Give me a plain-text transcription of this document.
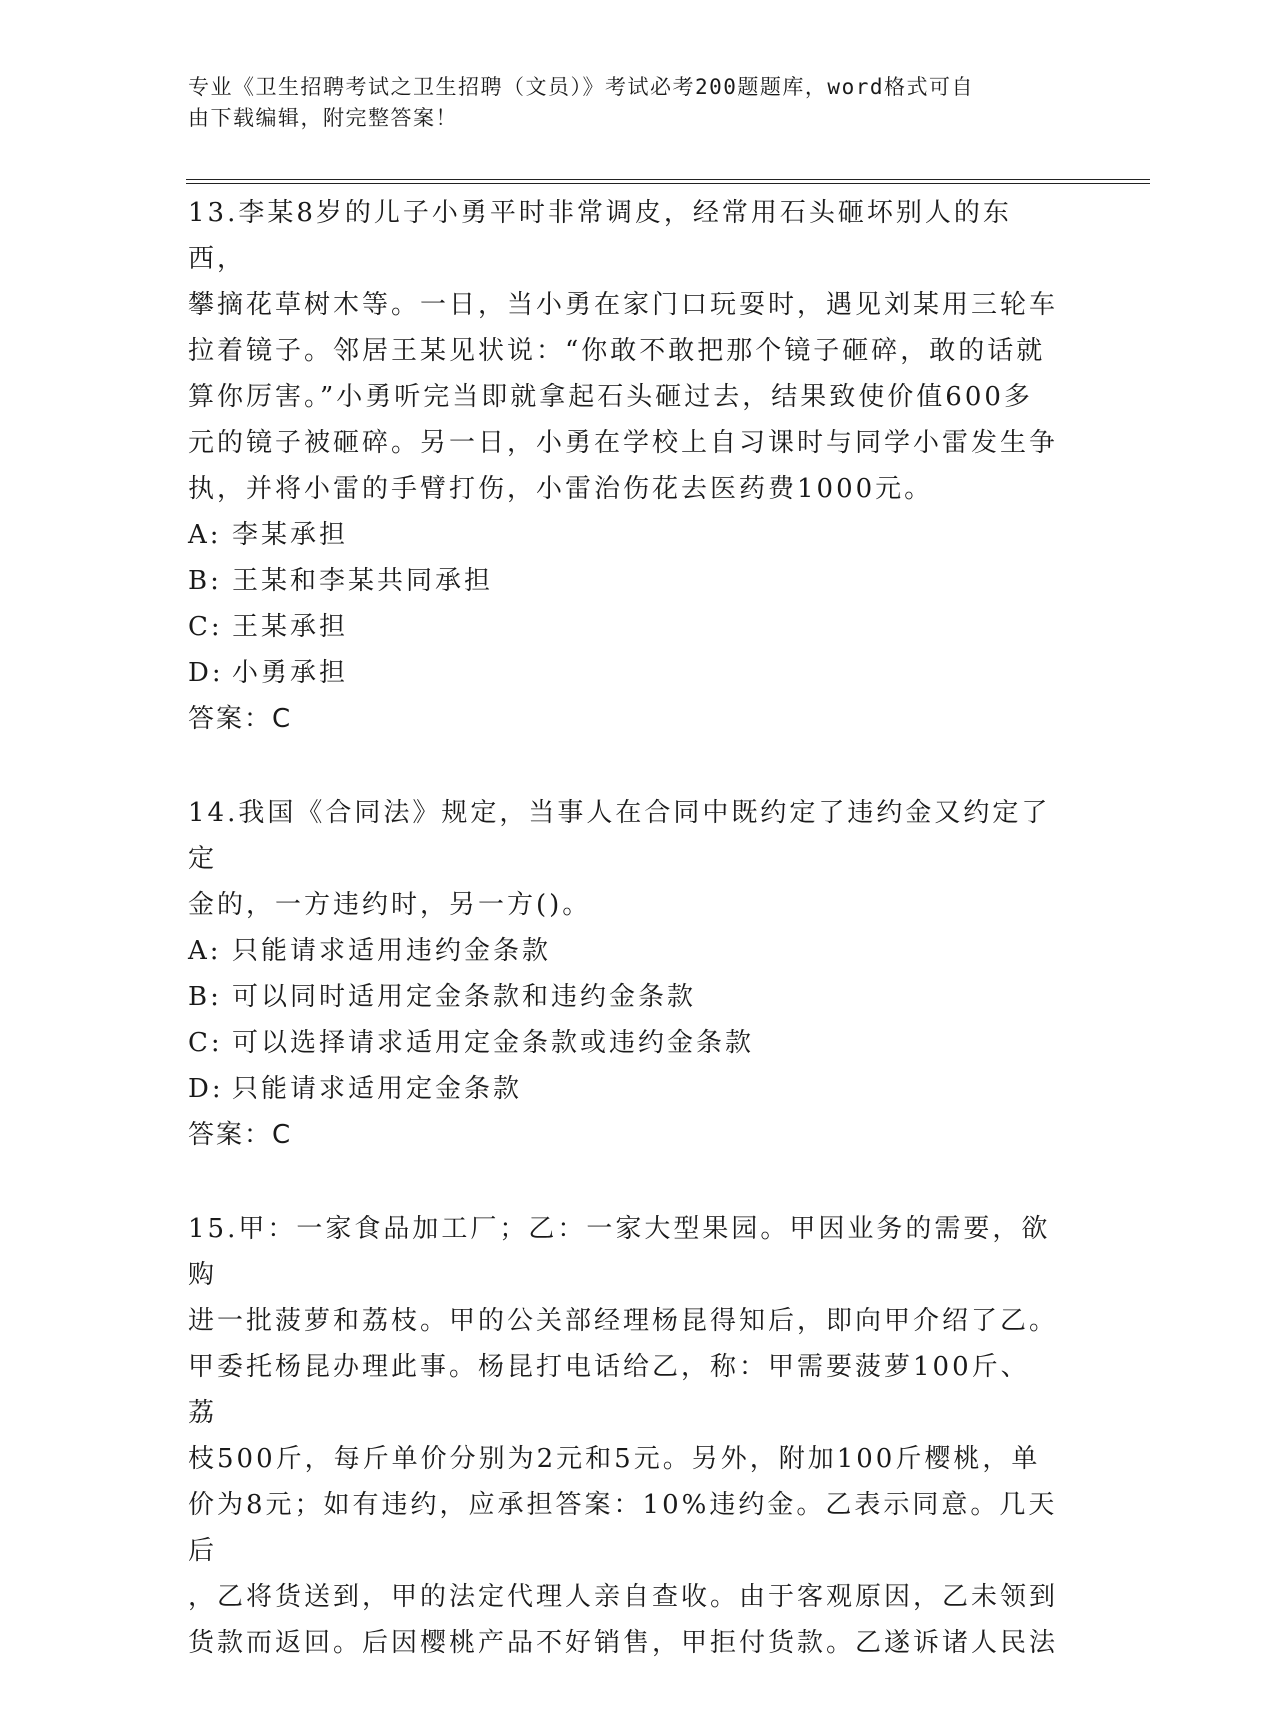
专业《卫生招聘考试之卫生招聘（文员）》考试必考200题题库，word格式可自
由下载编辑，附完整答案！
13.李某8岁的儿子小勇平时非常调皮，经常用石头砸坏别人的东西，
攀摘花草树木等。一日，当小勇在家门口玩耍时，遇见刘某用三轮车
拉着镜子。邻居王某见状说：“你敢不敢把那个镜子砸碎，敢的话就
算你厉害。”小勇听完当即就拿起石头砸过去，结果致使价值600多
元的镜子被砸碎。另一日，小勇在学校上自习课时与同学小雷发生争
执，并将小雷的手臂打伤，小雷治伤花去医药费1000元。
A: 李某承担
B: 王某和李某共同承担
C: 王某承担
D: 小勇承担
答案：C
14.我国《合同法》规定，当事人在合同中既约定了违约金又约定了定
金的，一方违约时，另一方()。
A: 只能请求适用违约金条款
B: 可以同时适用定金条款和违约金条款
C: 可以选择请求适用定金条款或违约金条款
D: 只能请求适用定金条款
答案：C
15.甲：一家食品加工厂；乙：一家大型果园。甲因业务的需要，欲购
进一批菠萝和荔枝。甲的公关部经理杨昆得知后，即向甲介绍了乙。
甲委托杨昆办理此事。杨昆打电话给乙，称：甲需要菠萝100斤、荔
枝500斤，每斤单价分别为2元和5元。另外，附加100斤樱桃，单
价为8元；如有违约，应承担答案：10%违约金。乙表示同意。几天后
，乙将货送到，甲的法定代理人亲自查收。由于客观原因，乙未领到
货款而返回。后因樱桃产品不好销售，甲拒付货款。乙遂诉诸人民法
